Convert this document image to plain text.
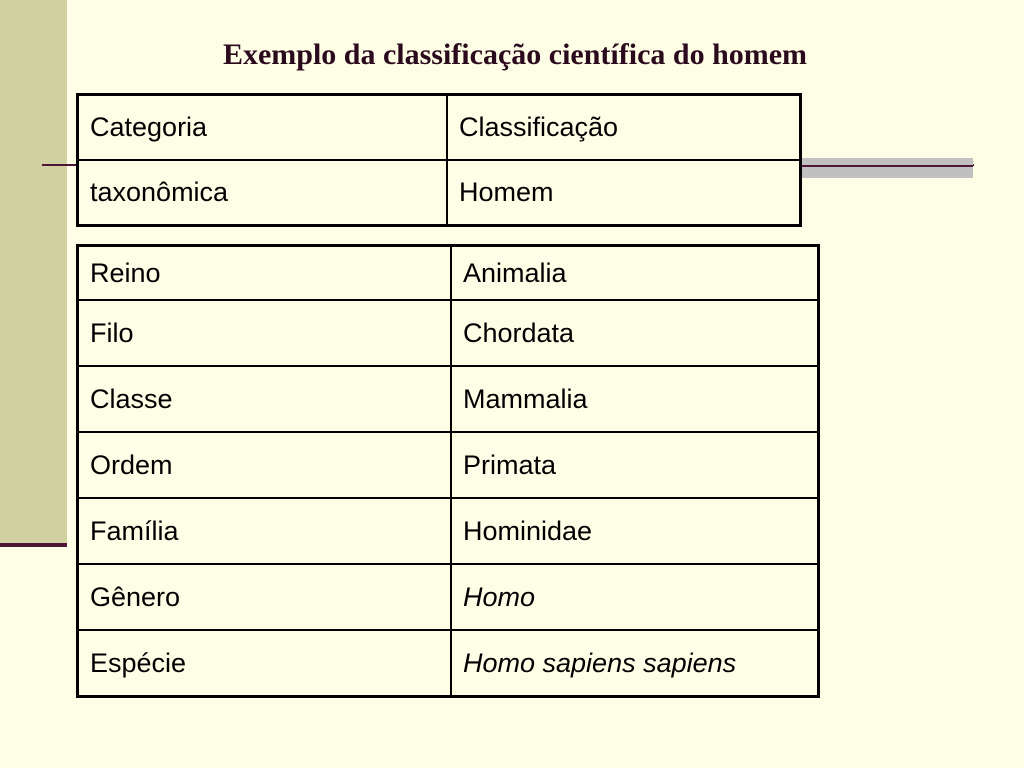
Exemplo da classificação científica do homem
Categoria	Classificação
taxonômica	Homem
Reino	Animalia
Filo	Chordata
Classe	Mammalia
Ordem	Primata
Família	Hominidae
Gênero	Homo
Espécie	Homo sapiens sapiens
